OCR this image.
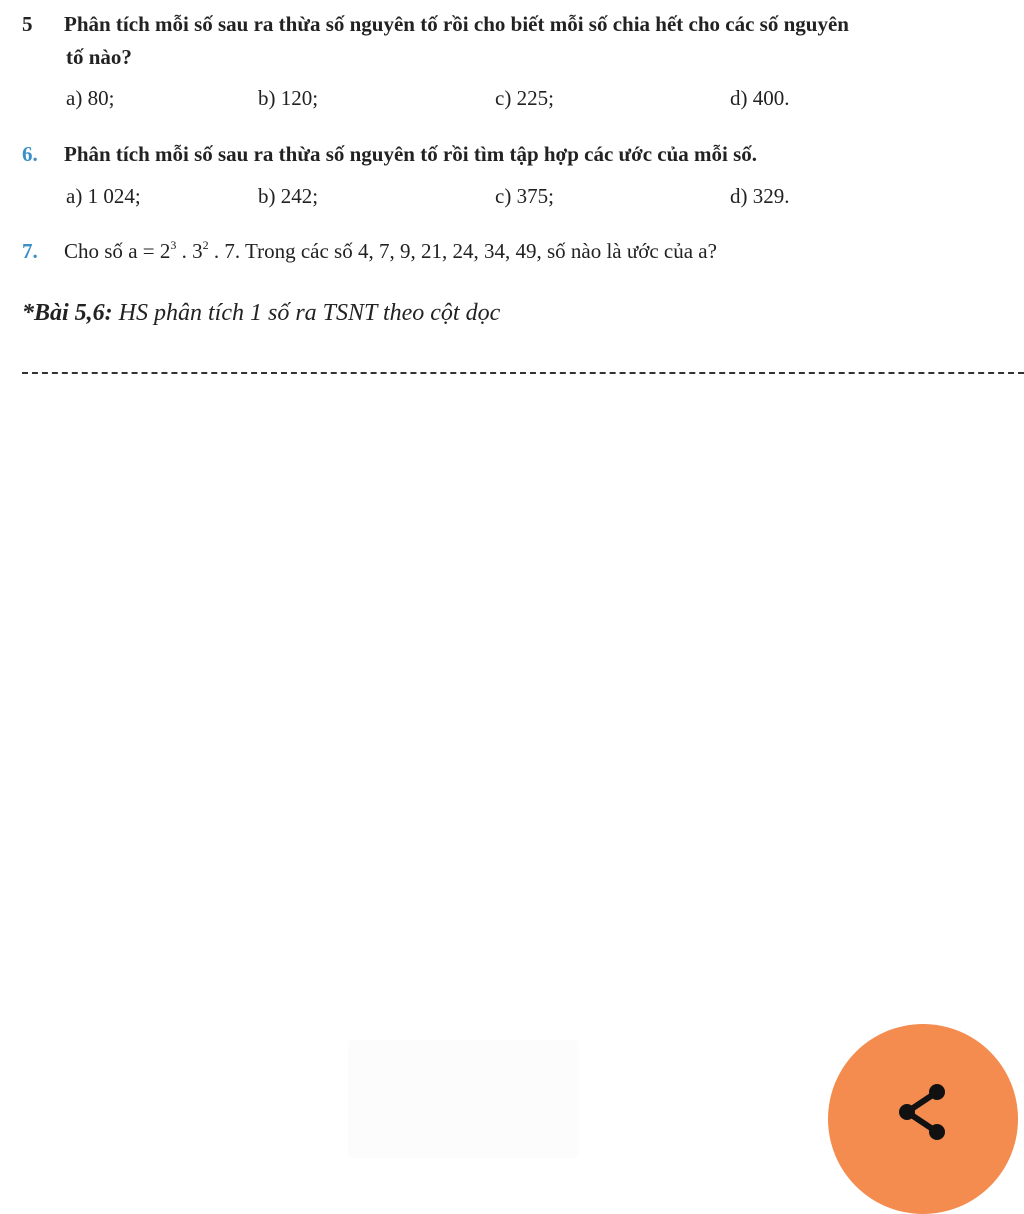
5 Phân tích mỗi số sau ra thừa số nguyên tố rồi cho biết mỗi số chia hết cho các số nguyên
tố nào?
a) 80;	b) 120;	c) 225;	d) 400.
6. Phân tích mỗi số sau ra thừa số nguyên tố rồi tìm tập hợp các ước của mỗi số.
a) 1 024;	b) 242;	c) 375;	d) 329.
7. Cho số $a = 2^3$ . $3^2$ . 7. Trong các số 4, 7, 9, 21, 24, 34, 49, số nào là ước của a?
*Bài 5,6: HS phân tích 1 số ra TSNT theo cột dọc
